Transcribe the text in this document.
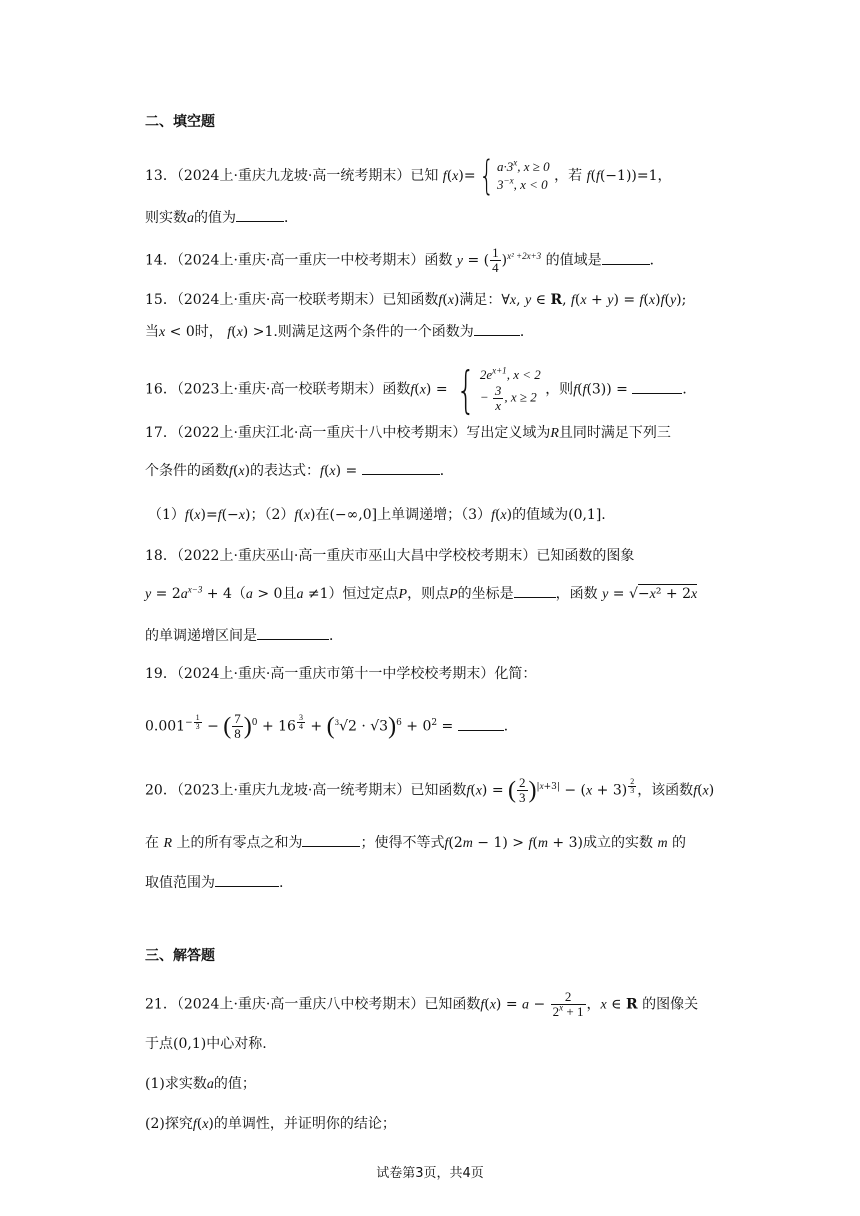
二、填空题
13．（2024上·重庆九龙坡·高一统考期末）已知 f(x)={ $a\cdot 3^x$, x ≥ 0
$3^{-x}$, x < 0
，若 f(f(−1))=1，
则实数a的值为	．
14．（2024上·重庆·高一重庆一中校考期末）函数 y = ( $\frac{1}{4} )^{x^2 +2x+3}$ 的值域是	．
15．（2024上·重庆·高一校联考期末）已知函数f(x)满足：∀x, y ∈ R, f(x + y) = f(x)f(y);
当x < 0时， f(x) >1.则满足这两个条件的一个函数为	．
16．（2023上·重庆·高一校联考期末）函数f(x) = { $2e^{x+1}$, x < 2
− $\frac{3}{x}$ , x ≥ 2 ，则f(f(3)) =	．
17．（2022上·重庆江北·高一重庆十八中校考期末）写出定义域为R且同时满足下列三
个条件的函数f(x)的表达式：f(x) =	．
（1）f(x)=f(−x)；（2）f(x)在(−∞,0]上单调递增；（3）f(x)的值域为(0,1].
18．（2022上·重庆巫山·高一重庆市巫山大昌中学校校考期末）已知函数的图象
$y = 2a^{x-3} + 4(a > 0$且a ≠1）恒过定点P，则点P的坐标是	，函数 y = √−x² + 2x
的单调递增区间是	．
19．（2024上·重庆·高一重庆市第十一中学校校考期末）化简：
$0.001^{- \frac{1}{3}}$ − ( $\frac{7}{8} )^0 + 16$ $^{\frac{3}{4}} + (^3√2 \cdot √3)^6 + 0^2$ =	．
20．（2023上·重庆九龙坡·高一统考期末）已知函数f(x) = ( $\frac{2}{3} )^{|x+3|} - (x + 3)$ $^{\frac{2}{3}}$ ，该函数f(x)
在 R 上的所有零点之和为	；使得不等式f(2m − 1) > f(m + 3)成立的实数 m 的
取值范围为	.
三、解答题
21．（2024上·重庆·高一重庆八中校考期末）已知函数$f(x) = a - \frac{2}{2^x + 1}$ ，x ∈ R 的图像关
于点(0,1)中心对称.
(1)求实数a的值；
(2)探究f(x)的单调性，并证明你的结论；
试卷第3页，共4页
